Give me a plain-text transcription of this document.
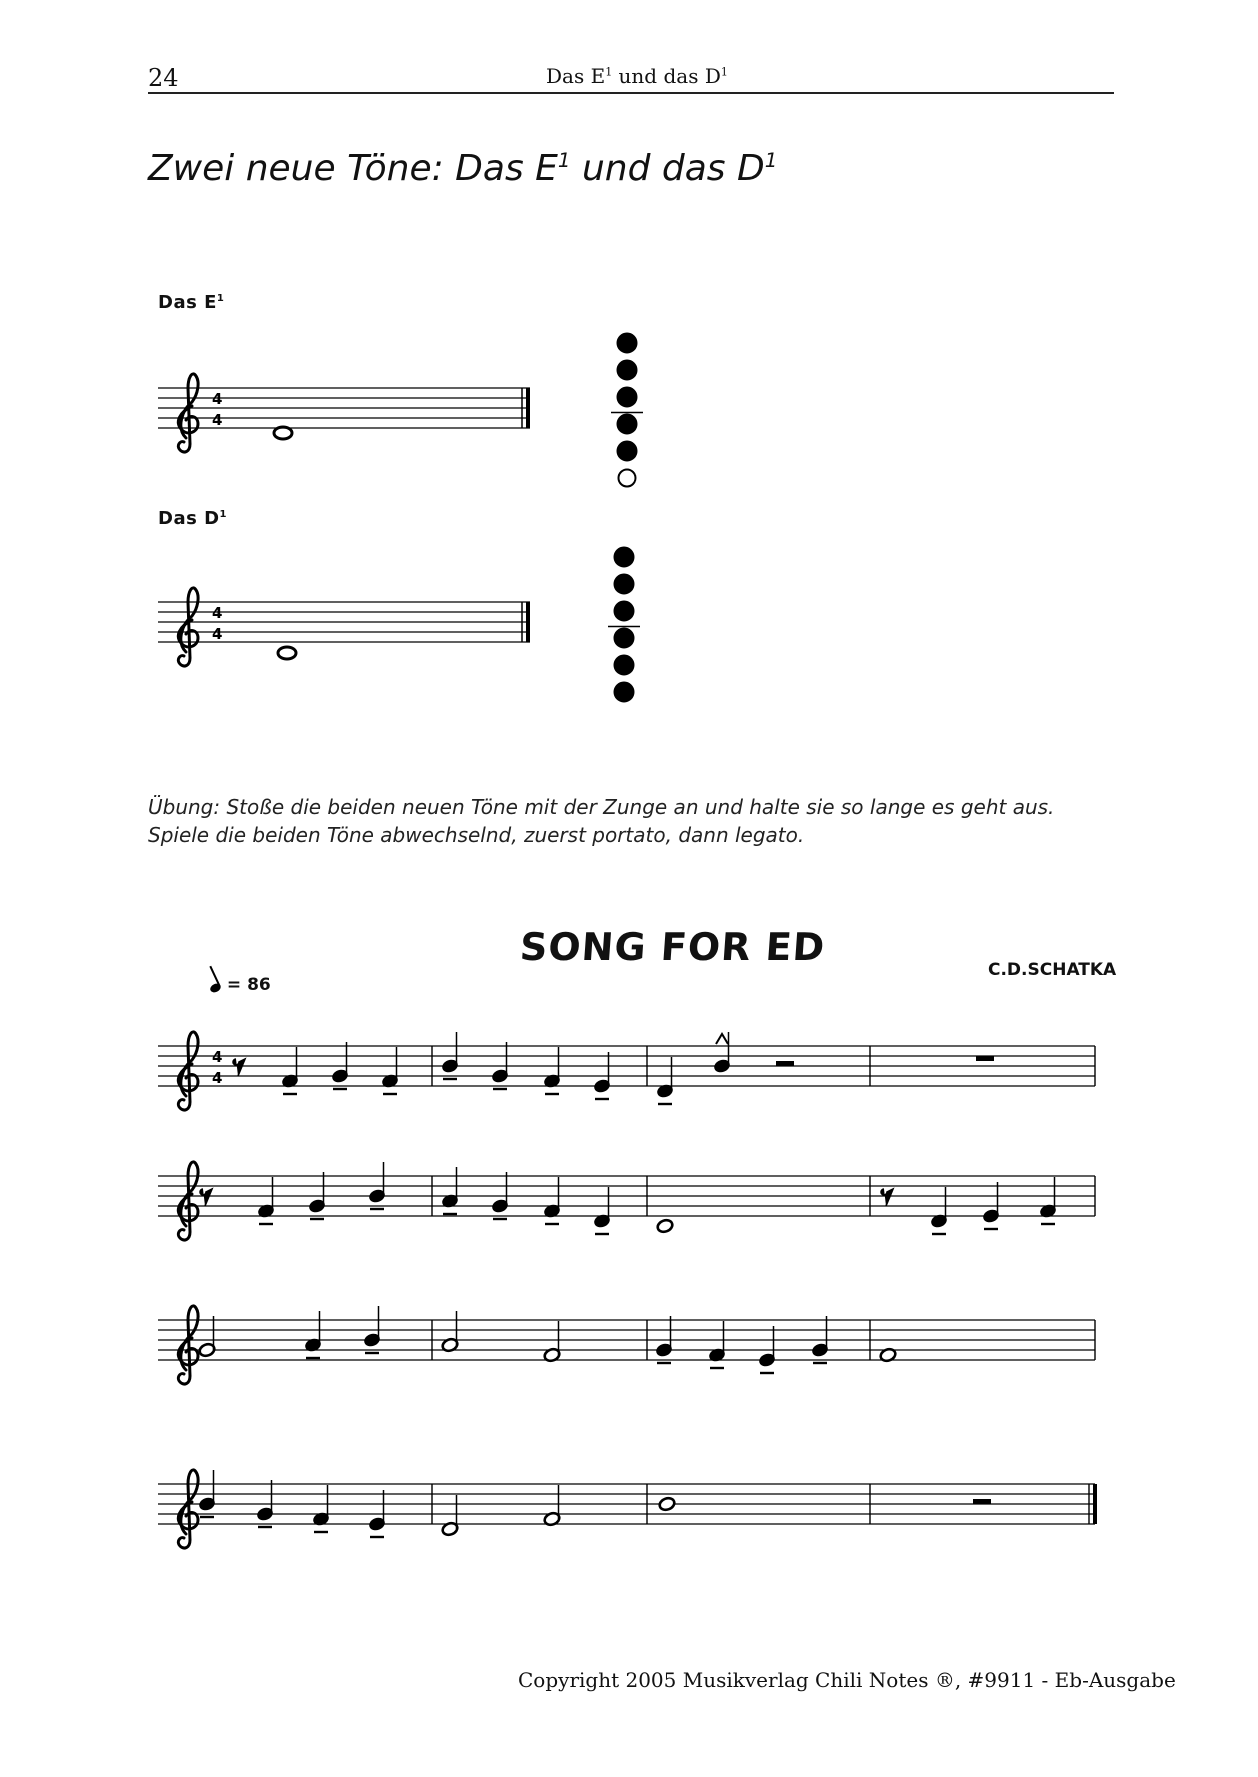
24	Das $E^1$ und das $D^1$
Zwei neue Töne: Das $E^1$ und das $D^1$
Das $E^1$
Das $D^1$
Übung: Stoße die beiden neuen Töne mit der Zunge an und halte sie so lange es geht aus.
Spiele die beiden Töne abwechselnd, zuerst portato, dann legato.
SONG FOR ED
C.D.SCHATKA
= 86
4
4
4
4
4
4
Copyright 2005 Musikverlag Chili Notes ®, #9911 - Eb-Ausgabe
